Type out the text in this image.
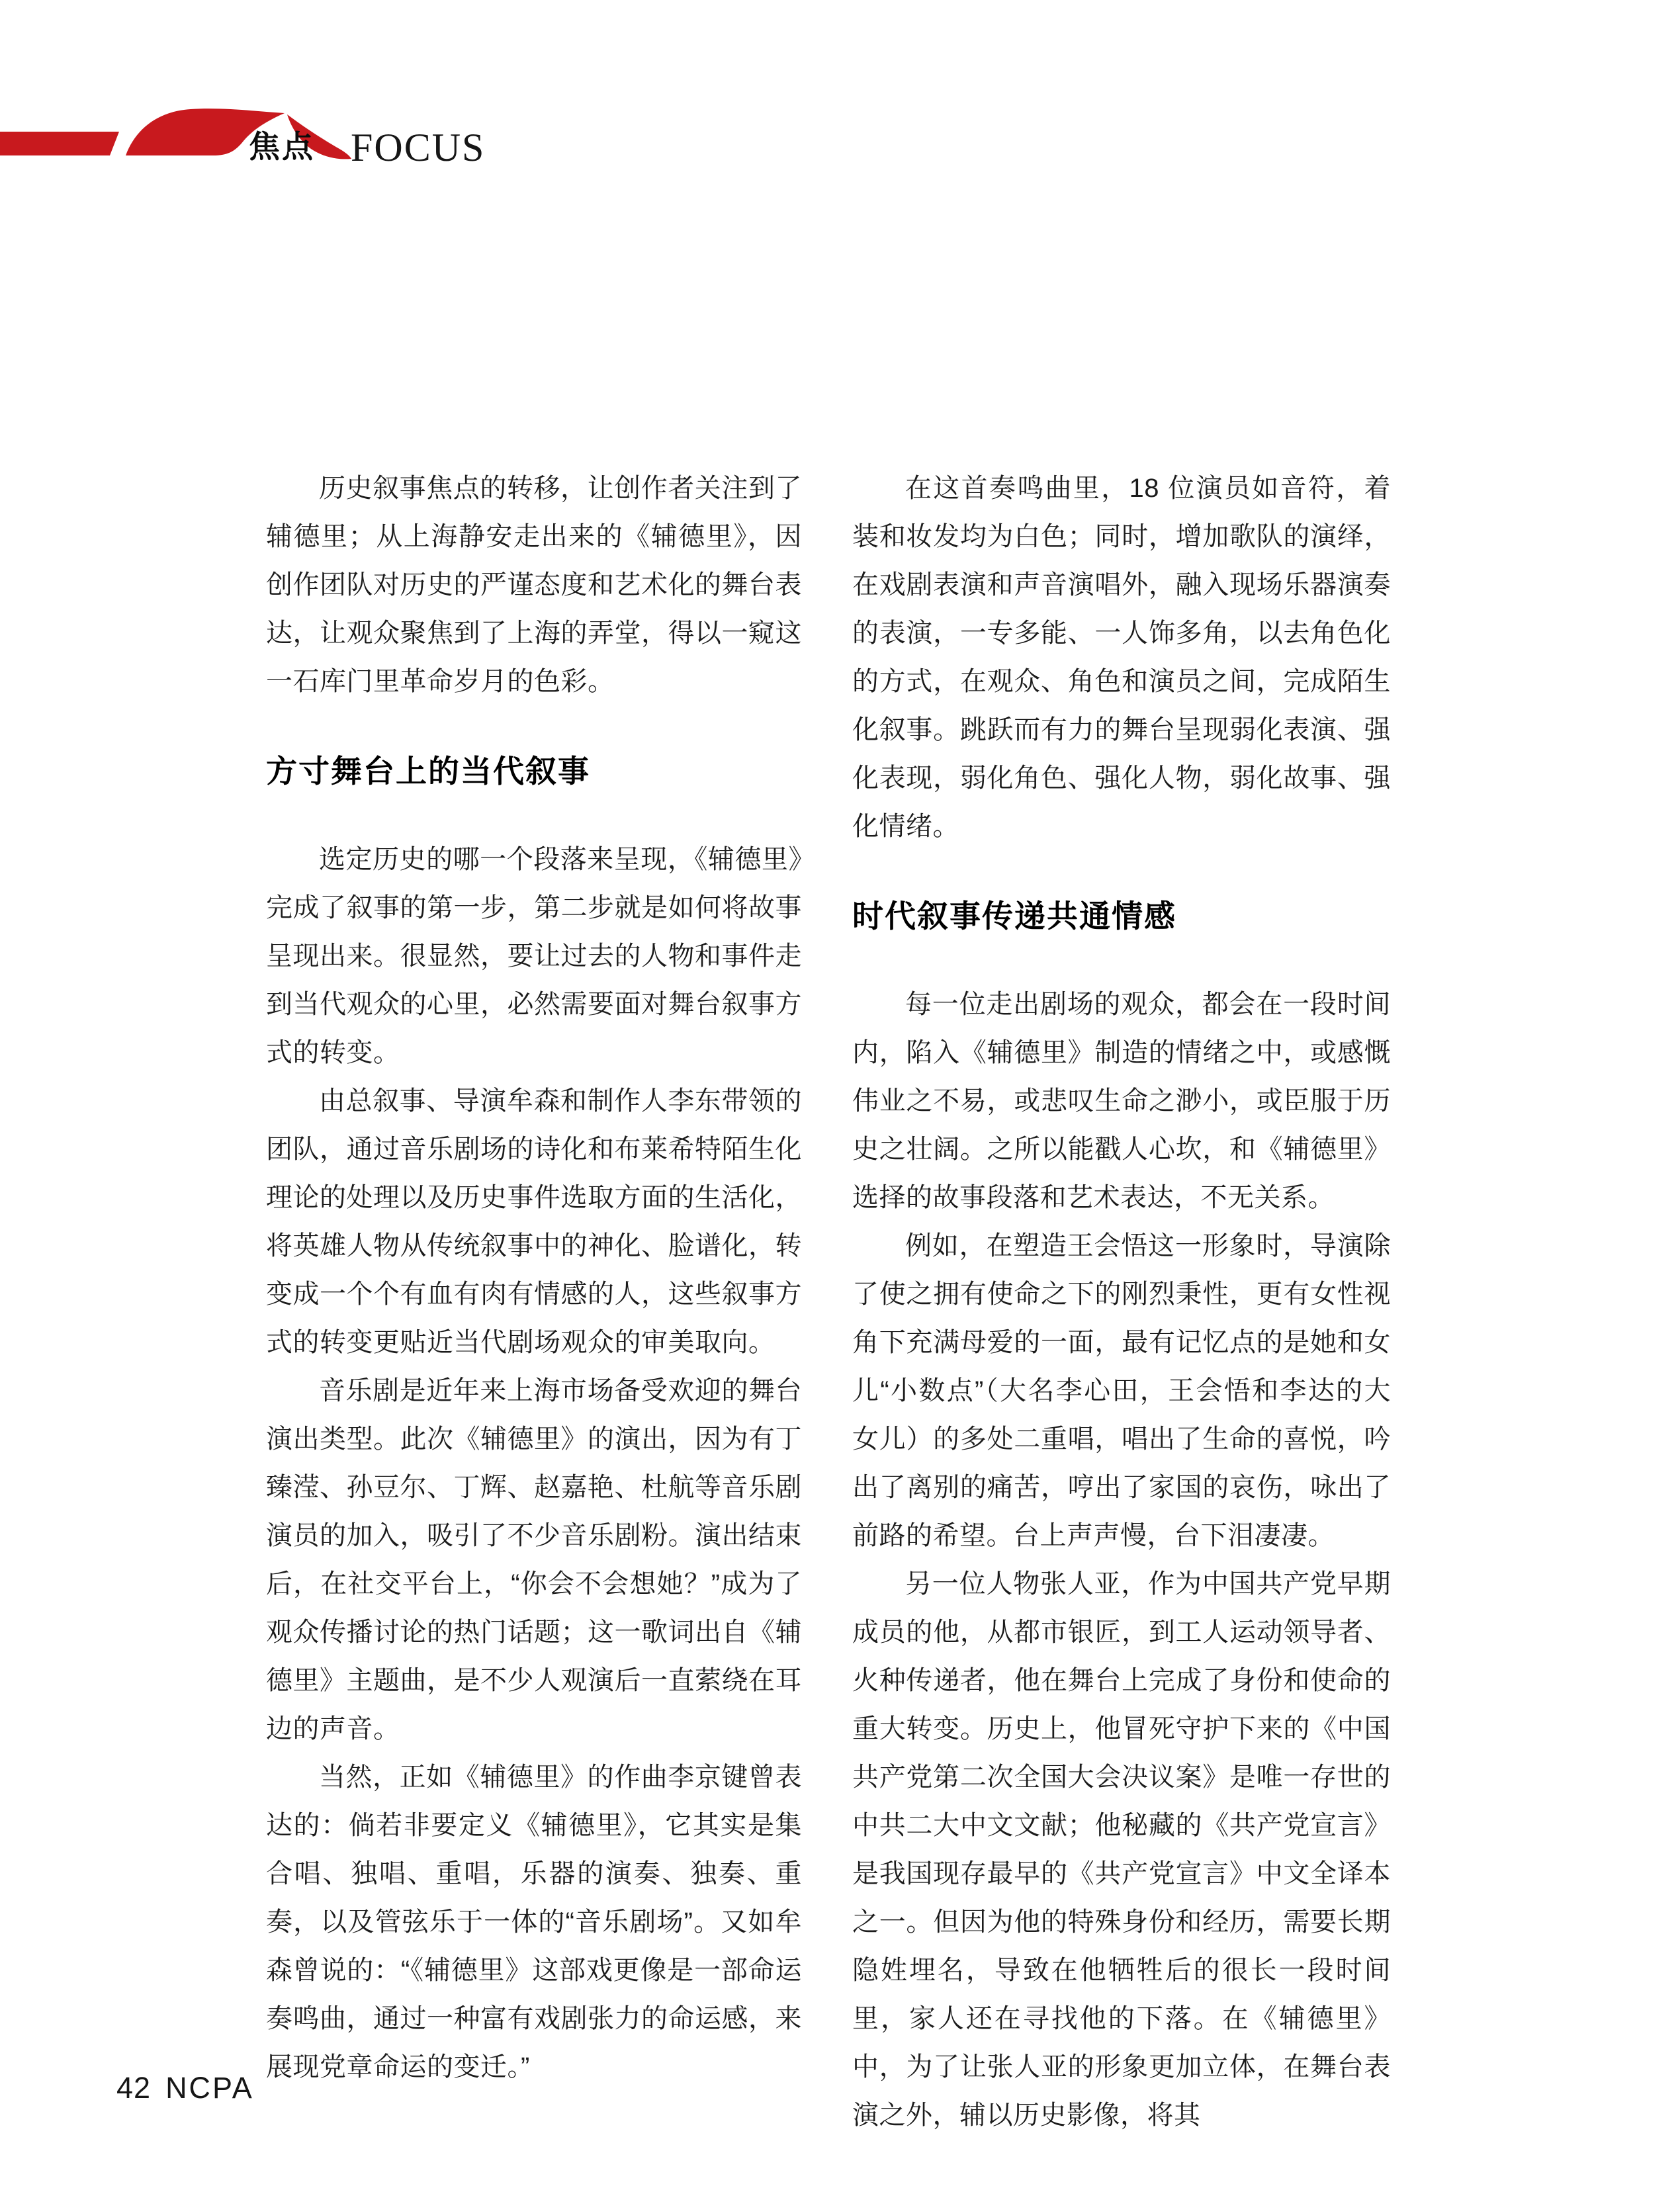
焦点 FOCUS

历史叙事焦点的转移，让创作者关注到了辅德里；从上海静安走出来的《辅德里》，因创作团队对历史的严谨态度和艺术化的舞台表达，让观众聚焦到了上海的弄堂，得以一窥这一石库门里革命岁月的色彩。

方寸舞台上的当代叙事

选定历史的哪一个段落来呈现，《辅德里》完成了叙事的第一步，第二步就是如何将故事呈现出来。很显然，要让过去的人物和事件走到当代观众的心里，必然需要面对舞台叙事方式的转变。

由总叙事、导演牟森和制作人李东带领的团队，通过音乐剧场的诗化和布莱希特陌生化理论的处理以及历史事件选取方面的生活化，将英雄人物从传统叙事中的神化、脸谱化，转变成一个个有血有肉有情感的人，这些叙事方式的转变更贴近当代剧场观众的审美取向。

音乐剧是近年来上海市场备受欢迎的舞台演出类型。此次《辅德里》的演出，因为有丁臻滢、孙豆尔、丁辉、赵嘉艳、杜航等音乐剧演员的加入，吸引了不少音乐剧粉。演出结束后，在社交平台上，“你会不会想她？”成为了观众传播讨论的热门话题；这一歌词出自《辅德里》主题曲，是不少人观演后一直萦绕在耳边的声音。

当然，正如《辅德里》的作曲李京键曾表达的：倘若非要定义《辅德里》，它其实是集合唱、独唱、重唱，乐器的演奏、独奏、重奏，以及管弦乐于一体的“音乐剧场”。又如牟森曾说的：“《辅德里》这部戏更像是一部命运奏鸣曲，通过一种富有戏剧张力的命运感，来展现党章命运的变迁。”

在这首奏鸣曲里，18 位演员如音符，着装和妆发均为白色；同时，增加歌队的演绎，在戏剧表演和声音演唱外，融入现场乐器演奏的表演，一专多能、一人饰多角，以去角色化的方式，在观众、角色和演员之间，完成陌生化叙事。跳跃而有力的舞台呈现弱化表演、强化表现，弱化角色、强化人物，弱化故事、强化情绪。

时代叙事传递共通情感

每一位走出剧场的观众，都会在一段时间内，陷入《辅德里》制造的情绪之中，或感慨伟业之不易，或悲叹生命之渺小，或臣服于历史之壮阔。之所以能戳人心坎，和《辅德里》选择的故事段落和艺术表达，不无关系。

例如，在塑造王会悟这一形象时，导演除了使之拥有使命之下的刚烈秉性，更有女性视角下充满母爱的一面，最有记忆点的是她和女儿“小数点”（大名李心田，王会悟和李达的大女儿）的多处二重唱，唱出了生命的喜悦，吟出了离别的痛苦，哼出了家国的哀伤，咏出了前路的希望。台上声声慢，台下泪凄凄。

另一位人物张人亚，作为中国共产党早期成员的他，从都市银匠，到工人运动领导者、火种传递者，他在舞台上完成了身份和使命的重大转变。历史上，他冒死守护下来的《中国共产党第二次全国大会决议案》是唯一存世的中共二大中文文献；他秘藏的《共产党宣言》是我国现存最早的《共产党宣言》中文全译本之一。但因为他的特殊身份和经历，需要长期隐姓埋名，导致在他牺牲后的很长一段时间里，家人还在寻找他的下落。在《辅德里》中，为了让张人亚的形象更加立体，在舞台表演之外，辅以历史影像，将其

42 NCPA
